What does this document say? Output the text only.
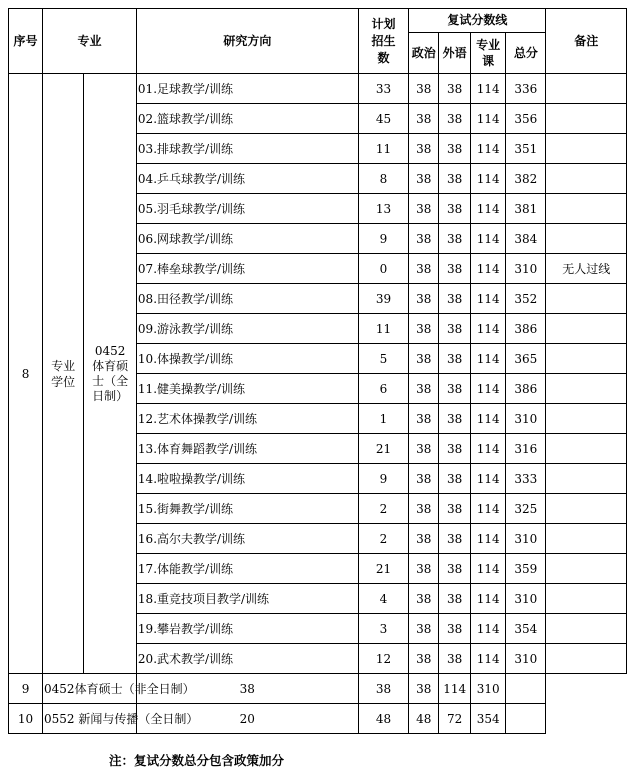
序号	专业		研究方向	计划招生数	复试分数线				备注
					政治	外语	专业课	总分	
8	专业学位	0452体育硕士（全日制）	01.足球教学/训练	33	38	38	114	336	
			02.篮球教学/训练	45	38	38	114	356	
			03.排球教学/训练	11	38	38	114	351	
			04.乒乓球教学/训练	8	38	38	114	382	
			05.羽毛球教学/训练	13	38	38	114	381	
			06.网球教学/训练	9	38	38	114	384	
			07.棒垒球教学/训练	0	38	38	114	310	无人过线
			08.田径教学/训练	39	38	38	114	352	
			09.游泳教学/训练	11	38	38	114	386	
			10.体操教学/训练	5	38	38	114	365	
			11.健美操教学/训练	6	38	38	114	386	
			12.艺术体操教学/训练	1	38	38	114	310	
			13.体育舞蹈教学/训练	21	38	38	114	316	
			14.啦啦操教学/训练	9	38	38	114	333	
			15.街舞教学/训练	2	38	38	114	325	
			16.高尔夫教学/训练	2	38	38	114	310	
			17.体能教学/训练	21	38	38	114	359	
			18.重竞技项目教学/训练	4	38	38	114	310	
			19.攀岩教学/训练	3	38	38	114	354	
			20.武术教学/训练	12	38	38	114	310	
9	0452体育硕士（非全日制）		38	38	38	114	310		
10	0552 新闻与传播（全日制）		20	48	48	72	354		
注：复试分数总分包含政策加分
